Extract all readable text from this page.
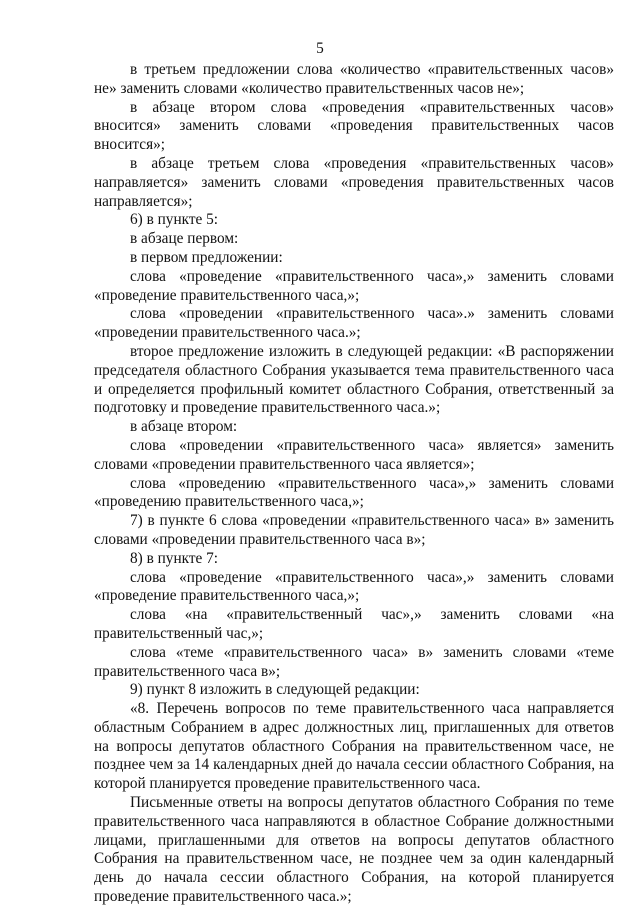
5

в третьем предложении слова «количество «правительственных часов» не» заменить словами «количество правительственных часов не»;

в абзаце втором слова «проведения «правительственных часов» вносится» заменить словами «проведения правительственных часов вносится»;

в абзаце третьем слова «проведения «правительственных часов» направляется» заменить словами «проведения правительственных часов направляется»;

6) в пункте 5:

в абзаце первом:

в первом предложении:

слова «проведение «правительственного часа»,» заменить словами «проведение правительственного часа,»;

слова «проведении «правительственного часа».» заменить словами «проведении правительственного часа.»;

второе предложение изложить в следующей редакции: «В распоряжении председателя областного Собрания указывается тема правительственного часа и определяется профильный комитет областного Собрания, ответственный за подготовку и проведение правительственного часа.»;

в абзаце втором:

слова «проведении «правительственного часа» является» заменить словами «проведении правительственного часа является»;

слова «проведению «правительственного часа»,» заменить словами «проведению правительственного часа,»;

7) в пункте 6 слова «проведении «правительственного часа» в» заменить словами «проведении правительственного часа в»;

8) в пункте 7:

слова «проведение «правительственного часа»,» заменить словами «проведение правительственного часа,»;

слова «на «правительственный час»,» заменить словами «на правительственный час,»;

слова «теме «правительственного часа» в» заменить словами «теме правительственного часа в»;

9) пункт 8 изложить в следующей редакции:

«8. Перечень вопросов по теме правительственного часа направляется областным Собранием в адрес должностных лиц, приглашенных для ответов на вопросы депутатов областного Собрания на правительственном часе, не позднее чем за 14 календарных дней до начала сессии областного Собрания, на которой планируется проведение правительственного часа.

Письменные ответы на вопросы депутатов областного Собрания по теме правительственного часа направляются в областное Собрание должностными лицами, приглашенными для ответов на вопросы депутатов областного Собрания на правительственном часе, не позднее чем за один календарный день до начала сессии областного Собрания, на которой планируется проведение правительственного часа.»;
